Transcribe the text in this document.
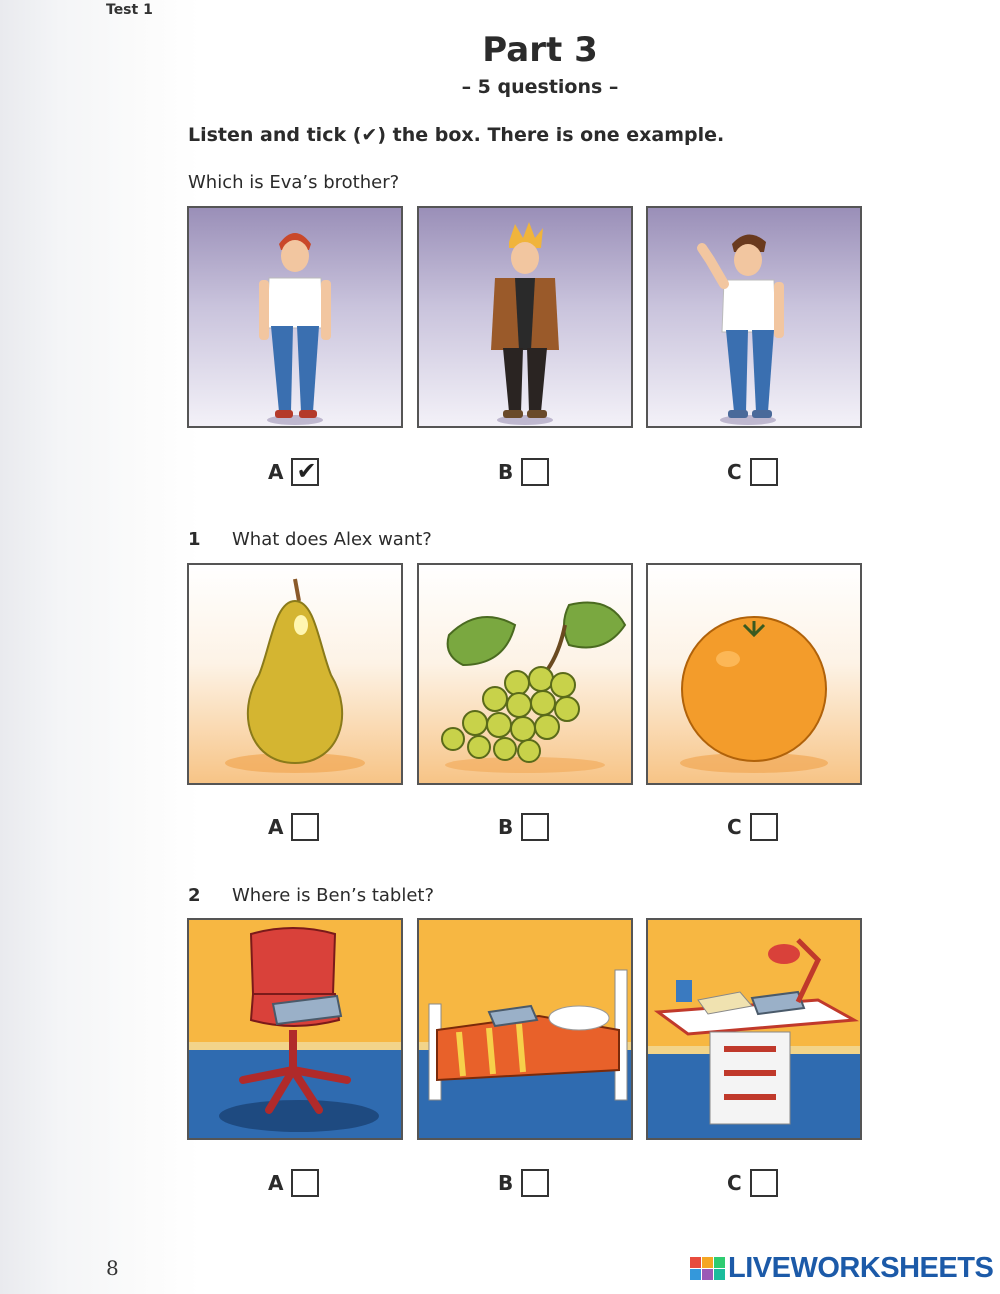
Test 1
Part 3
– 5 questions –
Listen and tick (✔) the box. There is one example.
Which is Eva’s brother?
A ✔	B	C
1 What does Alex want?
A	B	C
2 Where is Ben’s tablet?
A	B	C
8	LIVEWORKSHEETS
